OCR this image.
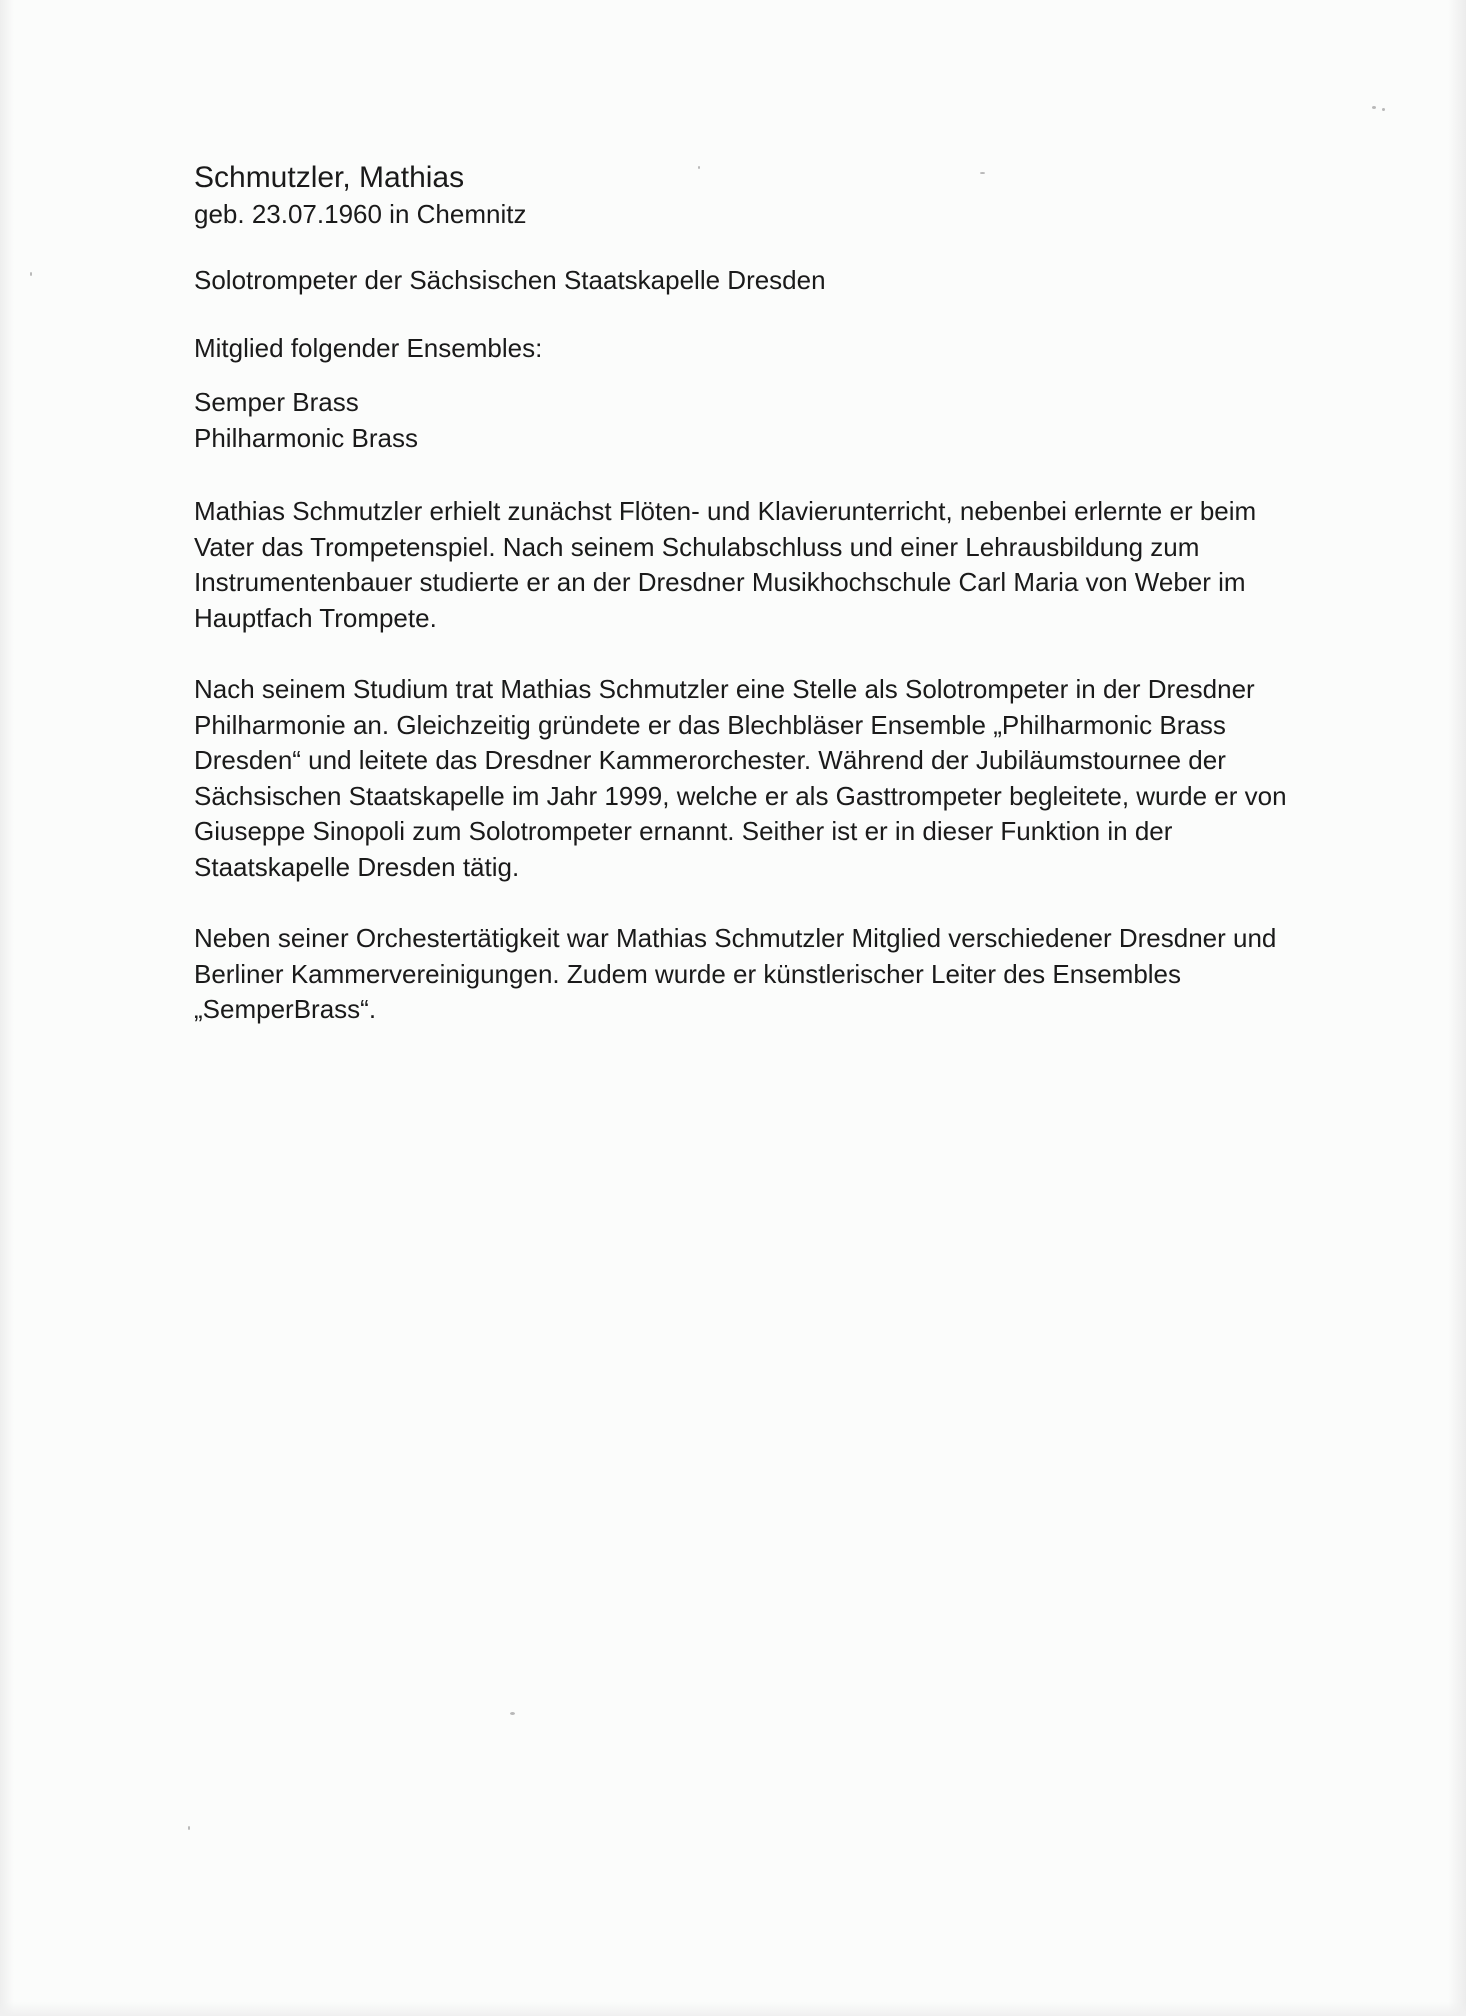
Schmutzler, Mathias

geb. 23.07.1960 in Chemnitz

Solotrompeter der Sächsischen Staatskapelle Dresden

Mitglied folgender Ensembles:

Semper Brass
Philharmonic Brass

Mathias Schmutzler erhielt zunächst Flöten- und Klavierunterricht, nebenbei erlernte er beim Vater das Trompetenspiel. Nach seinem Schulabschluss und einer Lehrausbildung zum Instrumentenbauer studierte er an der Dresdner Musikhochschule Carl Maria von Weber im Hauptfach Trompete.

Nach seinem Studium trat Mathias Schmutzler eine Stelle als Solotrompeter in der Dresdner Philharmonie an. Gleichzeitig gründete er das Blechbläser Ensemble „Philharmonic Brass Dresden“ und leitete das Dresdner Kammerorchester. Während der Jubiläumstournee der Sächsischen Staatskapelle im Jahr 1999, welche er als Gasttrompeter begleitete, wurde er von Giuseppe Sinopoli zum Solotrompeter ernannt. Seither ist er in dieser Funktion in der Staatskapelle Dresden tätig.

Neben seiner Orchestertätigkeit war Mathias Schmutzler Mitglied verschiedener Dresdner und Berliner Kammervereinigungen. Zudem wurde er künstlerischer Leiter des Ensembles „SemperBrass“.
